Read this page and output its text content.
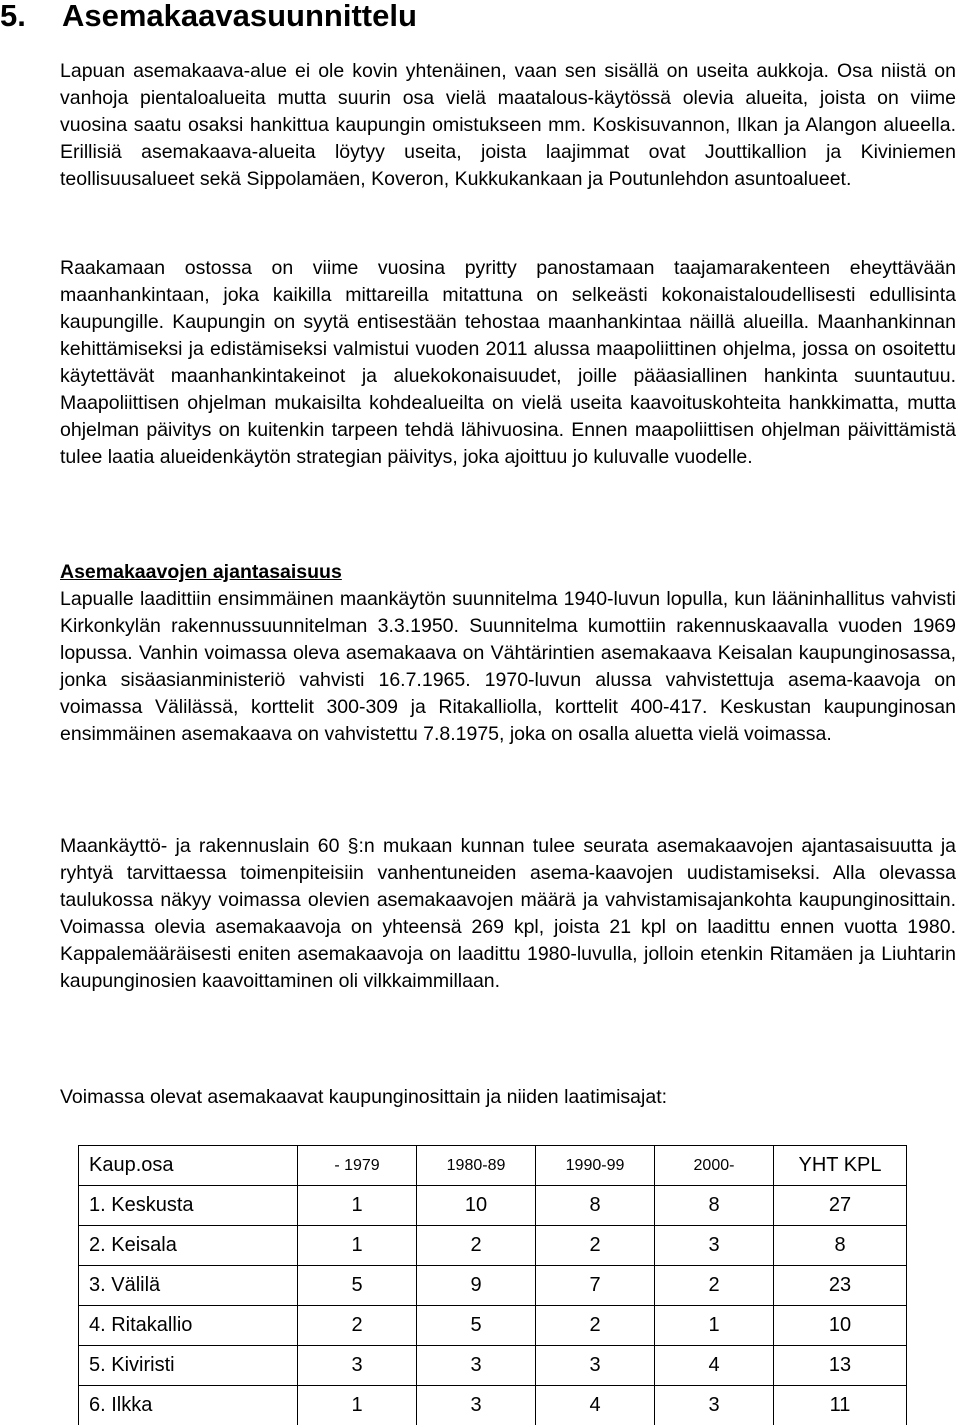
5. Asemakaavasuunnittelu

Lapuan asemakaava-alue ei ole kovin yhtenäinen, vaan sen sisällä on useita aukkoja. Osa niistä on vanhoja pientaloalueita mutta suurin osa vielä maatalous-käytössä olevia alueita, joista on viime vuosina saatu osaksi hankittua kaupungin omistukseen mm. Koskisuvannon, Ilkan ja Alangon alueella. Erillisiä asemakaava-alueita löytyy useita, joista laajimmat ovat Jouttikallion ja Kiviniemen teollisuusalueet sekä Sippolamäen, Koveron, Kukkukankaan ja Poutunlehdon asuntoalueet.

Raakamaan ostossa on viime vuosina pyritty panostamaan taajamarakenteen eheyttävään maanhankintaan, joka kaikilla mittareilla mitattuna on selkeästi kokonaistaloudellisesti edullisinta kaupungille. Kaupungin on syytä entisestään tehostaa maanhankintaa näillä alueilla. Maanhankinnan kehittämiseksi ja edistämiseksi valmistui vuoden 2011 alussa maapoliittinen ohjelma, jossa on osoitettu käytettävät maanhankintakeinot ja aluekokonaisuudet, joille pääasiallinen hankinta suuntautuu. Maapoliittisen ohjelman mukaisilta kohdealueilta on vielä useita kaavoituskohteita hankkimatta, mutta ohjelman päivitys on kuitenkin tarpeen tehdä lähivuosina. Ennen maapoliittisen ohjelman päivittämistä tulee laatia alueidenkäytön strategian päivitys, joka ajoittuu jo kuluvalle vuodelle.

Asemakaavojen ajantasaisuus

Lapualle laadittiin ensimmäinen maankäytön suunnitelma 1940-luvun lopulla, kun lääninhallitus vahvisti Kirkonkylän rakennussuunnitelman 3.3.1950. Suunnitelma kumottiin rakennuskaavalla vuoden 1969 lopussa. Vanhin voimassa oleva asemakaava on Vähtärintien asemakaava Keisalan kaupunginosassa, jonka sisäasianministeriö vahvisti 16.7.1965. 1970-luvun alussa vahvistettuja asema-kaavoja on voimassa Välilässä, korttelit 300-309 ja Ritakalliolla, korttelit 400-417. Keskustan kaupunginosan ensimmäinen asemakaava on vahvistettu 7.8.1975, joka on osalla aluetta vielä voimassa.

Maankäyttö- ja rakennuslain 60 §:n mukaan kunnan tulee seurata asemakaavojen ajantasaisuutta ja ryhtyä tarvittaessa toimenpiteisiin vanhentuneiden asema-kaavojen uudistamiseksi. Alla olevassa taulukossa näkyy voimassa olevien asemakaavojen määrä ja vahvistamisajankohta kaupunginosittain. Voimassa olevia asemakaavoja on yhteensä 269 kpl, joista 21 kpl on laadittu ennen vuotta 1980. Kappalemääräisesti eniten asemakaavoja on laadittu 1980-luvulla, jolloin etenkin Ritamäen ja Liuhtarin kaupunginosien kaavoittaminen oli vilkkaimmillaan.

Voimassa olevat asemakaavat kaupunginosittain ja niiden laatimisajat:

Kaup.osa	- 1979	1980-89	1990-99	2000-	YHT KPL
1. Keskusta	1	10	8	8	27
2. Keisala	1	2	2	3	8
3. Välilä	5	9	7	2	23
4. Ritakallio	2	5	2	1	10
5. Kiviristi	3	3	3	4	13
6. Ilkka	1	3	4	3	11
